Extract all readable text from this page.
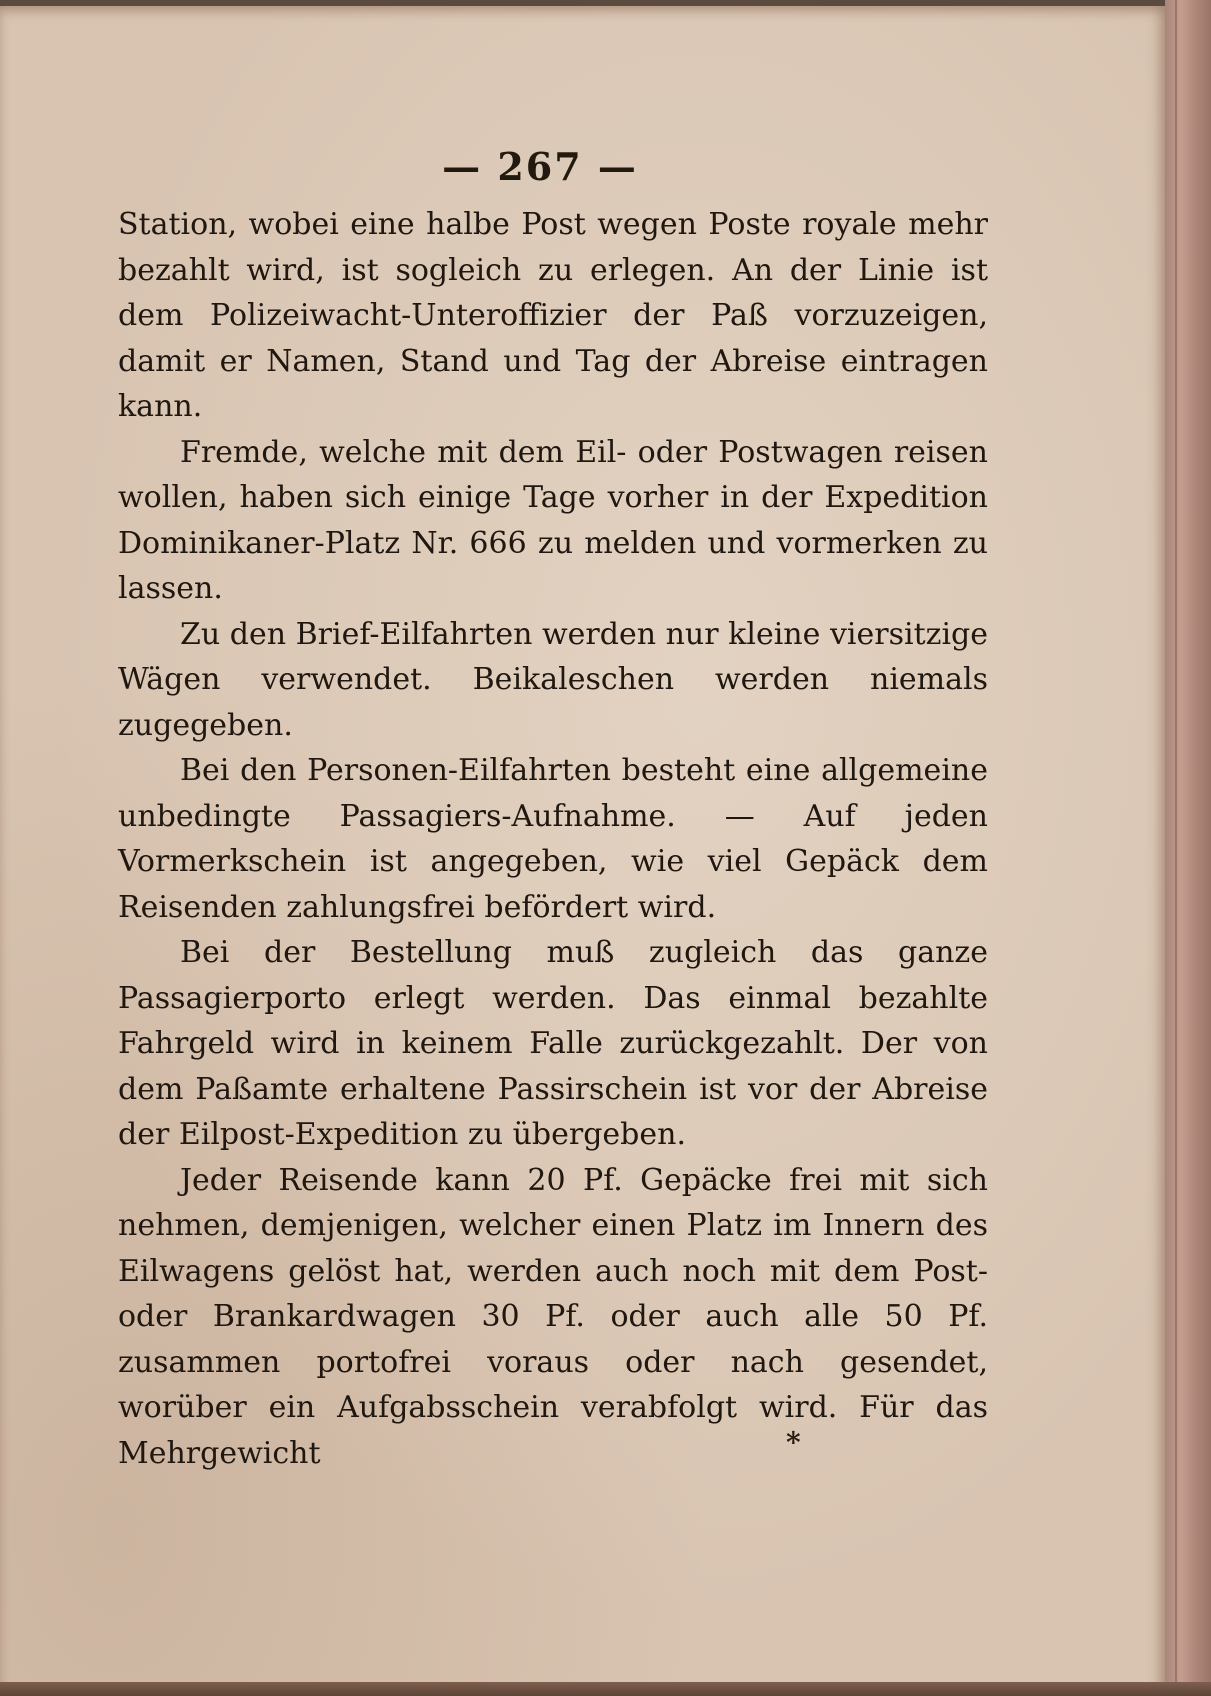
— 267 —

Station, wobei eine halbe Post wegen Poste royale mehr bezahlt wird, ist sogleich zu erlegen. An der Linie ist dem Polizeiwacht-Unteroffizier der Paß vorzuzeigen, damit er Namen, Stand und Tag der Abreise eintragen kann.

Fremde, welche mit dem Eil- oder Postwagen reisen wollen, haben sich einige Tage vorher in der Expedition Dominikaner-Platz Nr. 666 zu melden und vormerken zu lassen.

Zu den Brief-Eilfahrten werden nur kleine viersitzige Wägen verwendet. Beikaleschen werden niemals zugegeben.

Bei den Personen-Eilfahrten besteht eine allgemeine unbedingte Passagiers-Aufnahme. — Auf jeden Vormerkschein ist angegeben, wie viel Gepäck dem Reisenden zahlungsfrei befördert wird.

Bei der Bestellung muß zugleich das ganze Passagierporto erlegt werden. Das einmal bezahlte Fahrgeld wird in keinem Falle zurückgezahlt. Der von dem Paßamte erhaltene Passirschein ist vor der Abreise der Eilpost-Expedition zu übergeben.

Jeder Reisende kann 20 Pf. Gepäcke frei mit sich nehmen, demjenigen, welcher einen Platz im Innern des Eilwagens gelöst hat, werden auch noch mit dem Post- oder Brankardwagen 30 Pf. oder auch alle 50 Pf. zusammen portofrei voraus oder nach gesendet, worüber ein Aufgabsschein verabfolgt wird. Für das Mehrgewicht	*
